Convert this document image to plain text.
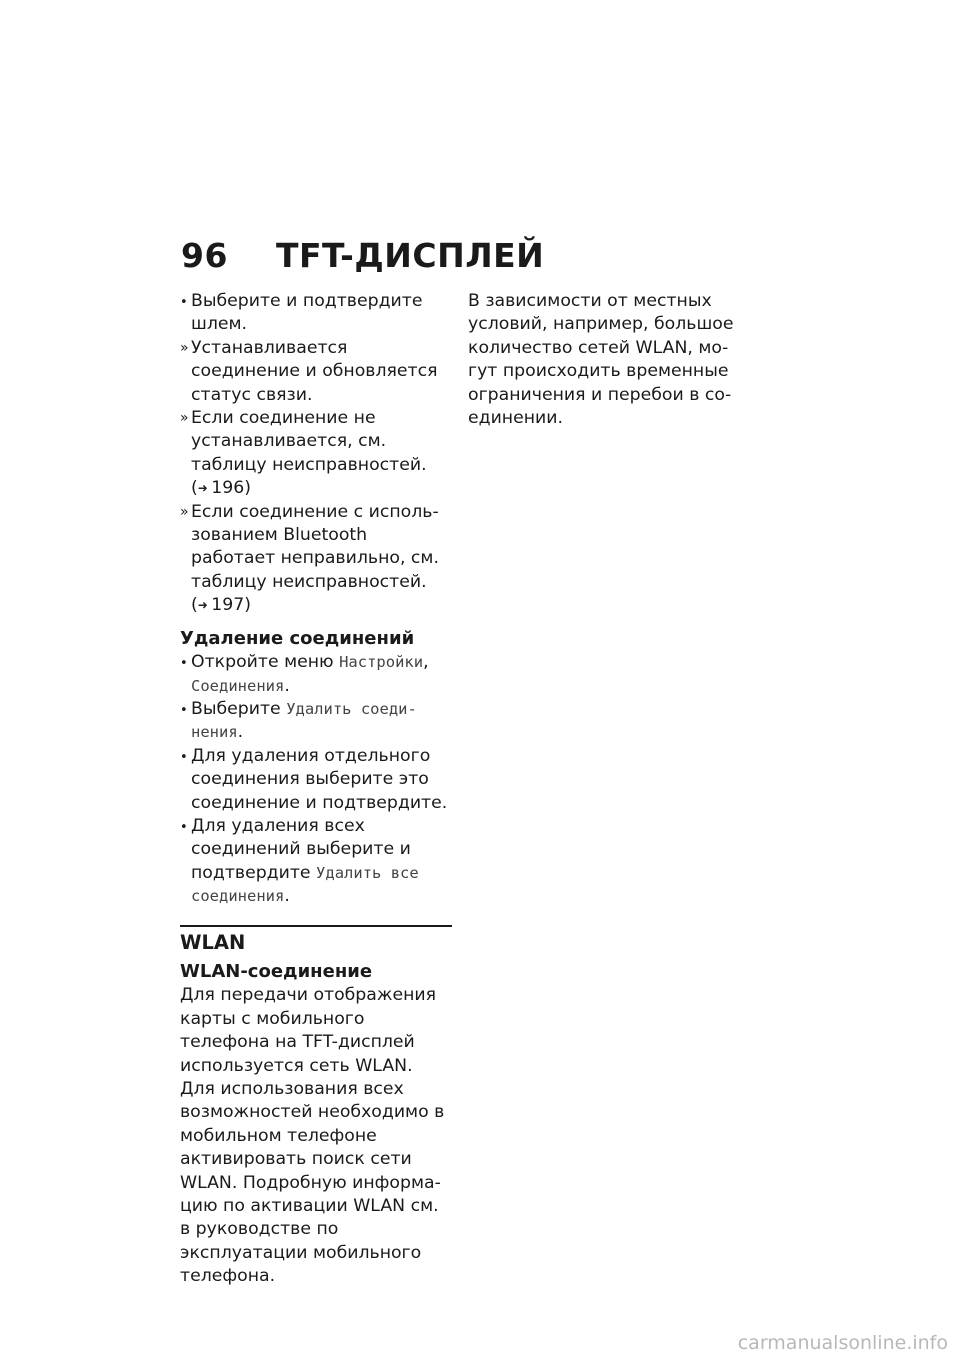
96 TFT-ДИСПЛЕЙ
• Выберите и подтвердите шлем.
» Устанавливается соединение и обновляется статус связи.
» Если соединение не устанавливается, см. таблицу неисправностей. (➜  196)
» Если соединение с использованием Bluetooth работает неправильно, см. таблицу неисправностей. (➜  197)
Удаление соединений
• Откройте меню Настройки, Соединения.
• Выберите Удалить соединения.
• Для удаления отдельного соединения выберите это соединение и подтвердите.
• Для удаления всех соединений выберите и подтвердите Удалить все соединения.
WLAN
WLAN-соединение

Для передачи отображения карты с мобильного телефона на TFT-дисплей используется сеть WLAN. Для использования всех возможностей необходимо в мобильном телефоне активировать поиск сети WLAN. Подробную информацию по активации WLAN см. в руководстве по эксплуатации мобильного телефона.

В зависимости от местных условий, например, большое количество сетей WLAN, могут происходить временные ограничения и перебои в соединении.

carmanualsonline.info
